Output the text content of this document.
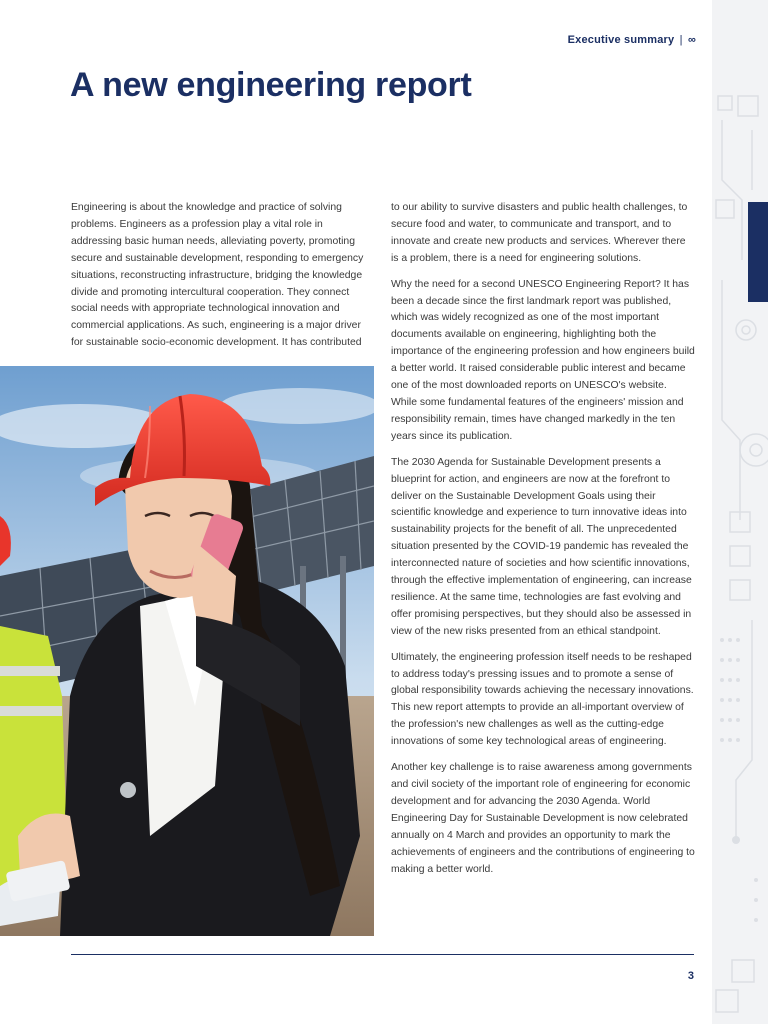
Executive summary | ∞
A new engineering report

Engineering is about the knowledge and practice of solving problems. Engineers as a profession play a vital role in addressing basic human needs, alleviating poverty, promoting secure and sustainable development, responding to emergency situations, reconstructing infrastructure, bridging the knowledge divide and promoting intercultural cooperation. They connect social needs with appropriate technological innovation and commercial applications. As such, engineering is a major driver for sustainable socio-economic development. It has contributed

to our ability to survive disasters and public health challenges, to secure food and water, to communicate and transport, and to innovate and create new products and services. Wherever there is a problem, there is a need for engineering solutions.

Why the need for a second UNESCO Engineering Report? It has been a decade since the first landmark report was published, which was widely recognized as one of the most important documents available on engineering, highlighting both the importance of the engineering profession and how engineers build a better world. It raised considerable public interest and became one of the most downloaded reports on UNESCO's website. While some fundamental features of the engineers' mission and responsibility remain, times have changed markedly in the ten years since its publication.

The 2030 Agenda for Sustainable Development presents a blueprint for action, and engineers are now at the forefront to deliver on the Sustainable Development Goals using their scientific knowledge and experience to turn innovative ideas into sustainability projects for the benefit of all. The unprecedented situation presented by the COVID-19 pandemic has revealed the interconnected nature of societies and how scientific innovations, through the effective implementation of engineering, can increase resilience. At the same time, technologies are fast evolving and offer promising perspectives, but they should also be assessed in view of the new risks presented from an ethical standpoint.

Ultimately, the engineering profession itself needs to be reshaped to address today's pressing issues and to promote a sense of global responsibility towards achieving the necessary innovations. This new report attempts to provide an all-important overview of the profession's new challenges as well as the cutting-edge innovations of some key technological areas of engineering.

Another key challenge is to raise awareness among governments and civil society of the important role of engineering for economic development and for advancing the 2030 Agenda. World Engineering Day for Sustainable Development is now celebrated annually on 4 March and provides an opportunity to mark the achievements of engineers and the contributions of engineering to making a better world.

3
